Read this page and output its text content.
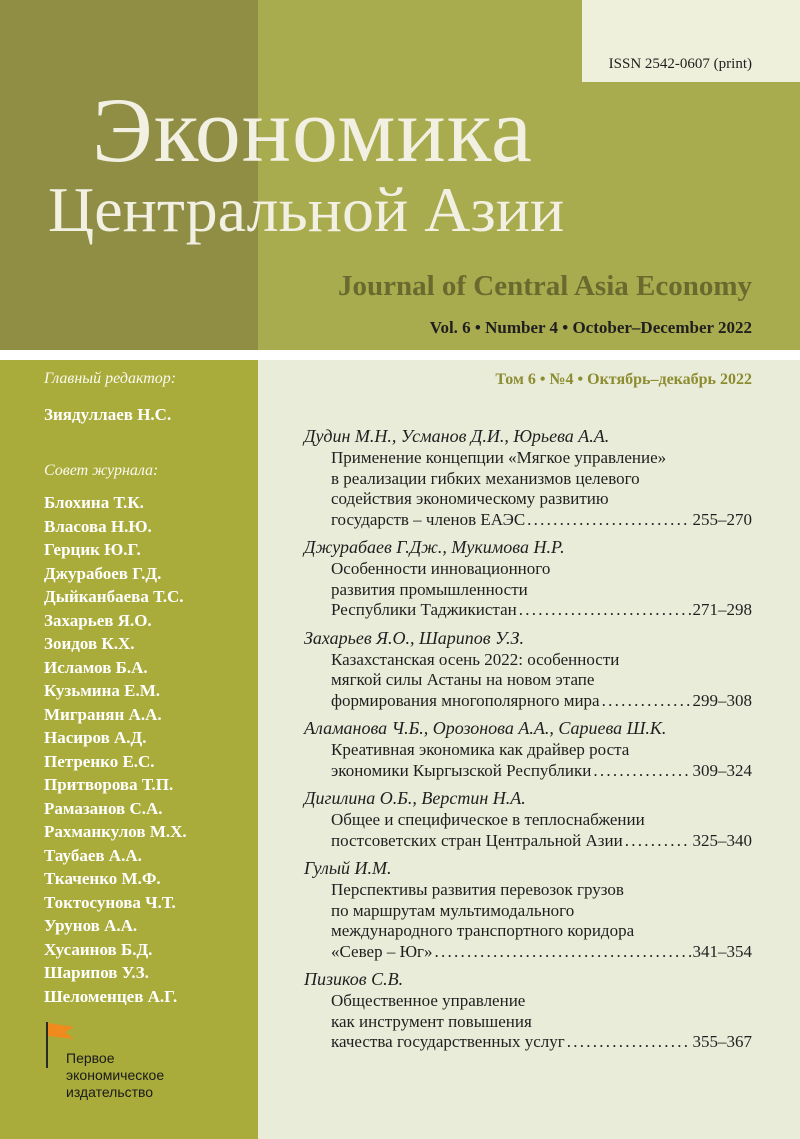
ISSN 2542-0607 (print)
Экономика
Центральной Азии
Journal of Central Asia Economy
Vol. 6 • Number 4 • October–December 2022
Главный редактор:
Зиядуллаев Н.С.
Совет журнала:
Блохина Т.К.
Власова Н.Ю.
Герцик Ю.Г.
Джурабоев Г.Д.
Дыйканбаева Т.С.
Захарьев Я.О.
Зоидов К.Х.
Исламов Б.А.
Кузьмина Е.М.
Мигранян А.А.
Насиров А.Д.
Петренко Е.С.
Притворова Т.П.
Рамазанов С.А.
Рахманкулов М.Х.
Таубаев А.А.
Ткаченко М.Ф.
Токтосунова Ч.Т.
Урунов А.А.
Хусаинов Б.Д.
Шарипов У.З.
Шеломенцев А.Г.
Первое
экономическое
издательство
Том 6 • №4 • Октябрь–декабрь 2022
Дудин М.Н., Усманов Д.И., Юрьева А.А.
Применение концепции «Мягкое управление»
в реализации гибких механизмов целевого
содействия экономическому развитию
государств – членов ЕАЭС . . .	255–270
Джурабаев Г.Дж., Мукимова Н.Р.
Особенности инновационного
развития промышленности
Республики Таджикистан . . .	271–298
Захарьев Я.О., Шарипов У.З.
Казахстанская осень 2022: особенности
мягкой силы Астаны на новом этапе
формирования многополярного мира . . .	299–308
Аламанова Ч.Б., Орозонова А.А., Сариева Ш.К.
Креативная экономика как драйвер роста
экономики Кыргызской Республики . . .	309–324
Дигилина О.Б., Верстин Н.А.
Общее и специфическое в теплоснабжении
постсоветских стран Центральной Азии . . .	325–340
Гулый И.М.
Перспективы развития перевозок грузов
по маршрутам мультимодального
международного транспортного коридора
«Север – Юг» . . .	341–354
Пизиков С.В.
Общественное управление
как инструмент повышения
качества государственных услуг . . .	355–367
